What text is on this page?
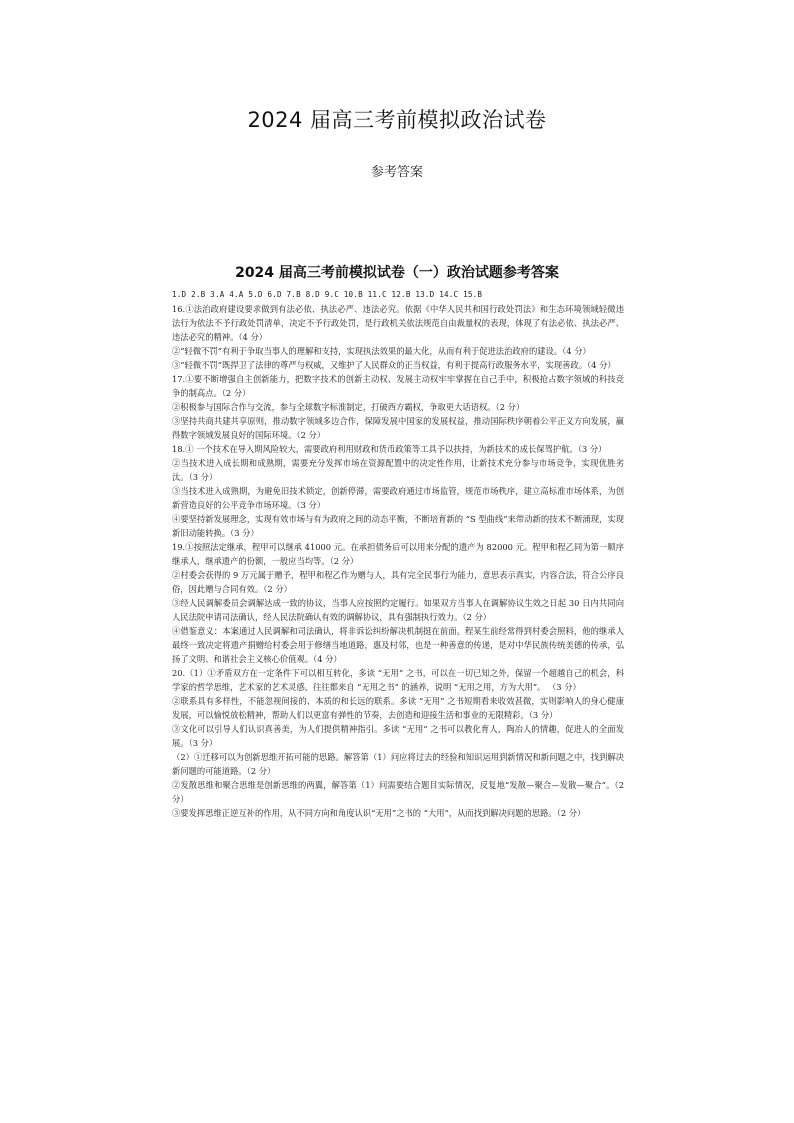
2024 届高三考前模拟政治试卷
参考答案
2024 届高三考前模拟试卷（一）政治试题参考答案
1.D 2.B 3.A 4.A 5.D 6.D 7.B 8.D 9.C 10.B 11.C 12.B 13.D 14.C 15.B

16.①法治政府建设要求做到有法必依、执法必严、违法必究。依据《中华人民共和国行政处罚法》和生态环境领域轻微违法行为依法不予行政处罚清单，决定不予行政处罚，是行政机关依法规范自由裁量权的表现，体现了有法必依、执法必严、违法必究的精神。（4 分）

②“轻微不罚”有利于争取当事人的理解和支持，实现执法效果的最大化，从而有利于促进法治政府的建设。（4 分）

③“轻微不罚”既捍卫了法律的尊严与权威，又维护了人民群众的正当权益，有利于提高行政服务水平，实现善政。（4 分）

17.①要不断增强自主创新能力，把数字技术的创新主动权、发展主动权牢牢掌握在自己手中，积极抢占数字领域的科技竞争的制高点。（2 分）

②积极参与国际合作与交流，参与全球数字标准制定，打破西方霸权，争取更大话语权。（2 分）

③坚持共商共建共享原则，推动数字领域多边合作，保障发展中国家的发展权益，推动国际秩序朝着公平正义方向发展，赢得数字领域发展良好的国际环境。（2 分）

18.① 一个技术在导入期风险较大，需要政府利用财政和货币政策等工具予以扶持，为新技术的成长保驾护航。（3 分）

②当技术进入成长期和成熟期，需要充分发挥市场在资源配置中的决定性作用，让新技术充分参与市场竞争，实现优胜劣汰。（3 分）

③当技术进入成熟期，为避免旧技术锁定，创新停滞，需要政府通过市场监管，规范市场秩序，建立高标准市场体系，为创新营造良好的公平竞争市场环境。（3 分）

④要坚持新发展理念，实现有效市场与有为政府之间的动态平衡，不断培育新的 “S 型曲线”来带动新的技术不断涌现，实现新旧动能转换。（3 分）

19.①按照法定继承，程甲可以继承 41000 元。在承担债务后可以用来分配的遗产为 82000 元。程甲和程乙同为第一顺序继承人，继承遗产的份额，一般应当均等。（2 分）

②村委会获得的 9 万元属于赠予，程甲和程乙作为赠与人，具有完全民事行为能力，意思表示真实，内容合法，符合公序良俗，因此赠与合同有效。（2 分）

③经人民调解委员会调解达成一致的协议，当事人应按照约定履行。如果双方当事人在调解协议生效之日起 30 日内共同向人民法院申请司法确认，经人民法院确认有效的调解协议，具有强制执行效力。（2 分）

④借鉴意义：本案通过人民调解和司法确认，将非诉讼纠纷解决机制挺在前面。程某生前经常得到村委会照料，他的继承人最终一致决定将遗产捐赠给村委会用于修缮当地道路，惠及村邻，也是一种善意的传递，是对中华民族传统美德的传承，弘扬了文明、和谐社会主义核心价值观。（4 分）

20.（1）①矛盾双方在一定条件下可以相互转化，多读 “无用” 之书，可以在一切已知之外，保留一个超越自己的机会，科学家的哲学思维，艺术家的艺术灵感，往往都来自 “无用之书” 的涵养，说明 “无用之用，方为大用”。 （3 分）

②联系具有多样性，不能忽视间接的、本质的和长远的联系。多读 “无用” 之书短期看来收效甚微，实则影响人的身心健康发展，可以愉悦放松精神，帮助人们以更富有弹性的节奏，去创造和迎接生活和事业的无限精彩。（3 分）

③文化可以引导人们认识真善美，为人们提供精神指引。多读 “无用” 之书可以教化育人，陶冶人的情趣，促进人的全面发展。（3 分）

（2）①迁移可以为创新思维开拓可能的思路。解答第（1）问应将过去的经验和知识运用到新情况和新问题之中，找到解决新问题的可能道路。（2 分）

②发散思维和聚合思维是创新思维的两翼，解答第（1）问需要结合题目实际情况，反复地“发散—聚合—发散—聚合”。（2 分）

③要发挥思维正逆互补的作用，从不同方向和角度认识“无用”之书的 “大用”，从而找到解决问题的思路。（2 分）
